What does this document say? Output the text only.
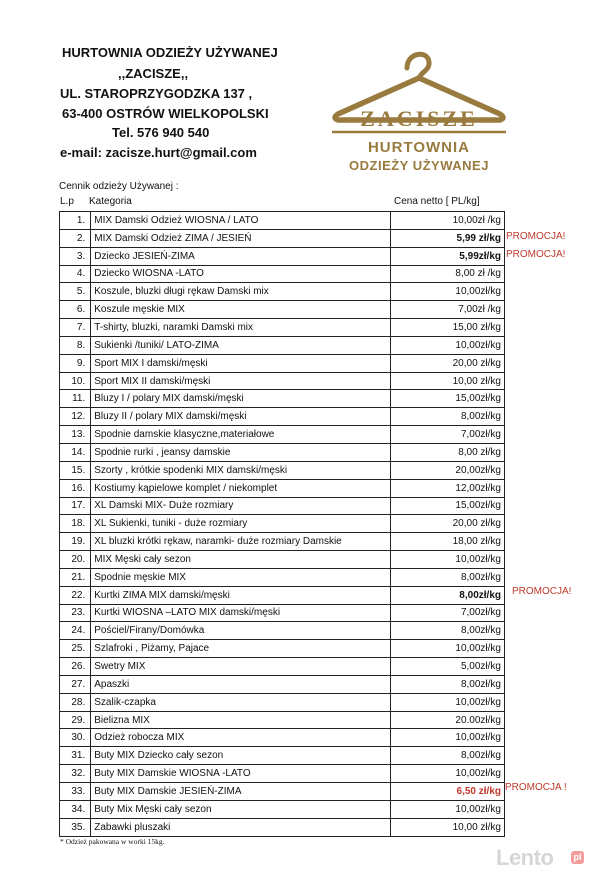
HURTOWNIA ODZIEŻY UŻYWANEJ
,,ZACISZE,,
UL. STAROPRZYGODZKA 137 ,
63-400 OSTRÓW WIELKOPOLSKI
Tel. 576 940 540
e-mail: zacisze.hurt@gmail.com
ZACISZE
HURTOWNIA
ODZIEŻY UŻYWANEJ
Cennik odzieży Używanej :
L.p Kategoria	Cena netto [ PL/kg]
1.	MIX Damski Odzież WIOSNA / LATO	10,00zł /kg
2.	MIX Damski Odzież ZIMA / JESIEŃ	5,99 zł/kg
3.	Dziecko JESIEŃ-ZIMA	5,99zł/kg
4.	Dziecko WIOSNA -LATO	8,00 zł /kg
5.	Koszule, bluzki długi rękaw Damski mix	10,00zł/kg
6.	Koszule męskie MIX	7,00zł /kg
7.	T-shirty, bluzki, naramki Damski mix	15,00 zł/kg
8.	Sukienki /tuniki/ LATO-ZIMA	10,00zł/kg
9.	Sport MIX I damski/męski	20,00 zł/kg
10.	Sport MIX II damski/męski	10,00 zł/kg
11.	Bluzy I / polary MIX damski/męski	15,00zł/kg
12.	Bluzy II / polary MIX damski/męski	8,00zł/kg
13.	Spodnie damskie klasyczne,materiałowe	7,00zł/kg
14.	Spodnie rurki , jeansy damskie	8,00 zł/kg
15.	Szorty , krótkie spodenki MIX damski/męski	20,00zł/kg
16.	Kostiumy kąpielowe komplet / niekomplet	12,00zł/kg
17.	XL Damski MIX- Duże rozmiary	15,00zł/kg
18.	XL Sukienki, tuniki - duże rozmiary	20,00 zł/kg
19.	XL bluzki krótki rękaw, naramki- duże rozmiary Damskie	18,00 zł/kg
20.	MIX Męski cały sezon	10,00zł/kg
21.	Spodnie męskie MIX	8,00zł/kg
22.	Kurtki ZIMA MIX damski/męski	8,00zł/kg
23.	Kurtki WIOSNA –LATO MIX damski/męski	7,00zł/kg
24.	Pościel/Firany/Domówka	8,00zł/kg
25.	Szlafroki , Piżamy, Pajace	10,00zł/kg
26.	Swetry MIX	5,00zł/kg
27.	Apaszki	8,00zł/kg
28.	Szalik-czapka	10,00zł/kg
29.	Bielizna MIX	20.00zł/kg
30.	Odzież robocza MIX	10,00zł/kg
31.	Buty MIX Dziecko cały sezon	8,00zł/kg
32.	Buty MIX Damskie WIOSNA -LATO	10,00zł/kg
33.	Buty MIX Damskie JESIEŃ-ZIMA	6,50 zł/kg
34.	Buty Mix Męski cały sezon	10,00zł/kg
35.	Zabawki pluszaki	10,00 zł/kg
PROMOCJA!
PROMOCJA!
PROMOCJA!
PROMOCJA !
* Odzież pakowana w worki 15kg.
Lento pl
